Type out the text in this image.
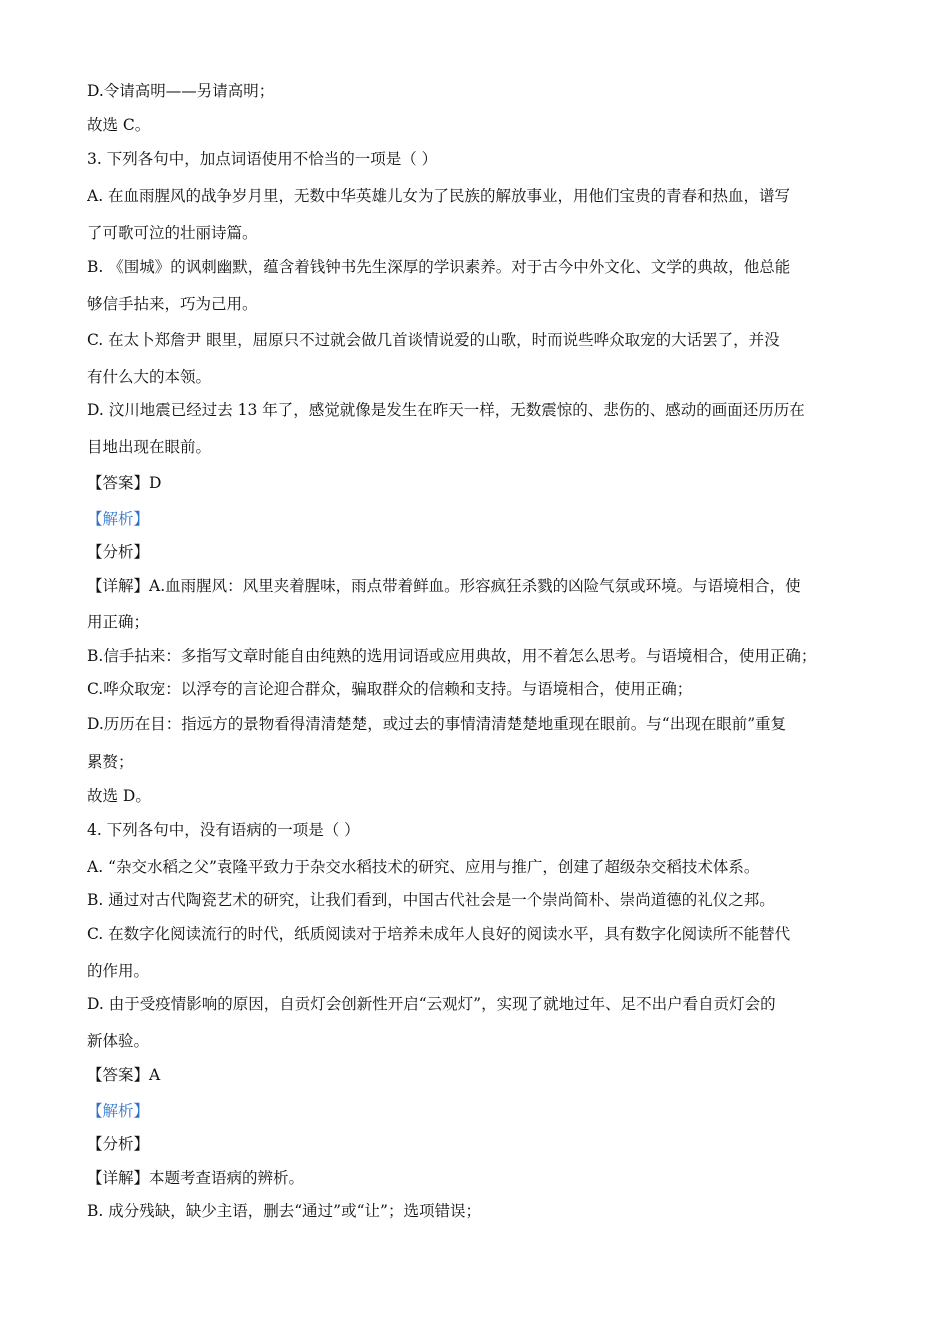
D.令请高明——另请高明；
故选 C。
3. 下列各句中，加点词语使用不恰当的一项是（ ）
A. 在血雨腥风的战争岁月里，无数中华英雄儿女为了民族的解放事业，用他们宝贵的青春和热血，谱写
了可歌可泣的壮丽诗篇。
B. 《围城》的讽刺幽默，蕴含着钱钟书先生深厚的学识素养。对于古今中外文化、文学的典故，他总能
够信手拈来，巧为己用。
C. 在太卜郑詹尹 眼里，屈原只不过就会做几首谈情说爱的山歌，时而说些哗众取宠的大话罢了，并没
有什么大的本领。
D. 汶川地震已经过去 13 年了，感觉就像是发生在昨天一样，无数震惊的、悲伤的、感动的画面还历历在
目地出现在眼前。
【答案】D
【解析】
【分析】
【详解】A.血雨腥风：风里夹着腥味，雨点带着鲜血。形容疯狂杀戮的凶险气氛或环境。与语境相合，使
用正确；
B.信手拈来：多指写文章时能自由纯熟的选用词语或应用典故，用不着怎么思考。与语境相合，使用正确；
C.哗众取宠：以浮夸的言论迎合群众，骗取群众的信赖和支持。与语境相合，使用正确；
D.历历在目：指远方的景物看得清清楚楚，或过去的事情清清楚楚地重现在眼前。与“出现在眼前”重复
累赘；
故选 D。
4. 下列各句中，没有语病的一项是（ ）
A. “杂交水稻之父”袁隆平致力于杂交水稻技术的研究、应用与推广，创建了超级杂交稻技术体系。
B. 通过对古代陶瓷艺术的研究，让我们看到，中国古代社会是一个崇尚简朴、崇尚道德的礼仪之邦。
C. 在数字化阅读流行的时代，纸质阅读对于培养未成年人良好的阅读水平，具有数字化阅读所不能替代
的作用。
D. 由于受疫情影响的原因，自贡灯会创新性开启“云观灯”，实现了就地过年、足不出户看自贡灯会的
新体验。
【答案】A
【解析】
【分析】
【详解】本题考查语病的辨析。
B. 成分残缺，缺少主语，删去“通过”或“让”；选项错误；
